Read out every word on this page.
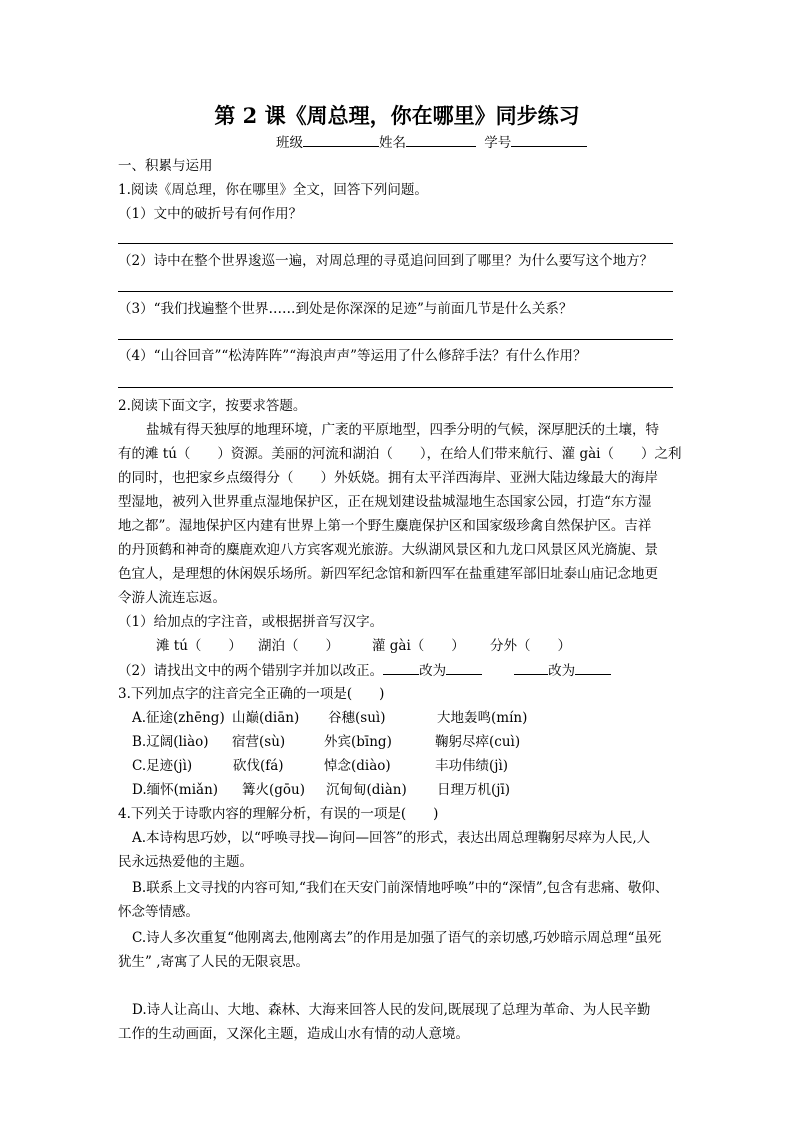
第 2 课《周总理，你在哪里》同步练习
班级	姓名	学号
一、积累与运用
1.阅读《周总理，你在哪里》全文，回答下列问题。
（1）文中的破折号有何作用？
（2）诗中在整个世界逡巡一遍，对周总理的寻觅追问回到了哪里？为什么要写这个地方？
（3）“我们找遍整个世界……到处是你深深的足迹”与前面几节是什么关系？
（4）“山谷回音”“松涛阵阵”“海浪声声”等运用了什么修辞手法？有什么作用？
2.阅读下面文字，按要求答题。
盐城有得天独厚的地理环境，广袤的平原地型，四季分明的气候，深厚肥沃的土壤，特
有的滩 tú（　　）资源。美丽的河流和湖泊（　　），在给人们带来航行、灌 gài（　　）之利
的同时，也把家乡点缀得分（　　）外妖娆。拥有太平洋西海岸、亚洲大陆边缘最大的海岸
型湿地，被列入世界重点湿地保护区，正在规划建设盐城湿地生态国家公园，打造“东方湿
地之都”。湿地保护区内建有世界上第一个野生麋鹿保护区和国家级珍禽自然保护区。吉祥
的丹顶鹤和神奇的麋鹿欢迎八方宾客观光旅游。大纵湖风景区和九龙口风景区风光旖旎、景
色宜人，是理想的休闲娱乐场所。新四军纪念馆和新四军在盐重建军部旧址泰山庙记念地更
令游人流连忘返。
（1）给加点的字注音，或根据拼音写汉字。
滩 tú（　　） 湖泊（　　） 灌 gài（　　） 分外（　　）
（2）请找出文中的两个错别字并加以改正。	改为	改为
3.下列加点字的注音完全正确的一项是(　　)
A.征途(zhēng) 山巅(diān) 谷穗(suì)	大地轰鸣(mín)
B.辽阔(liào) 宿营(sù)	外宾(bīng)	鞠躬尽瘁(cuì)
C.足迹(jì)	砍伐(fá)	悼念(diào)	丰功伟绩(jì)
D.缅怀(miǎn) 篝火(gōu) 沉甸甸(diàn) 日理万机(jī)
4.下列关于诗歌内容的理解分析，有误的一项是(　　)
A.本诗构思巧妙，以“呼唤寻找—询问—回答”的形式，表达出周总理鞠躬尽瘁为人民,人
民永远热爱他的主题。
B.联系上文寻找的内容可知,“我们在天安门前深情地呼唤”中的“深情”,包含有悲痛、敬仰、
怀念等情感。
C.诗人多次重复“他刚离去,他刚离去”的作用是加强了语气的亲切感,巧妙暗示周总理“虽死
犹生” ,寄寓了人民的无限哀思。
D.诗人让高山、大地、森林、大海来回答人民的发问,既展现了总理为革命、为人民辛勤
工作的生动画面，又深化主题，造成山水有情的动人意境。
